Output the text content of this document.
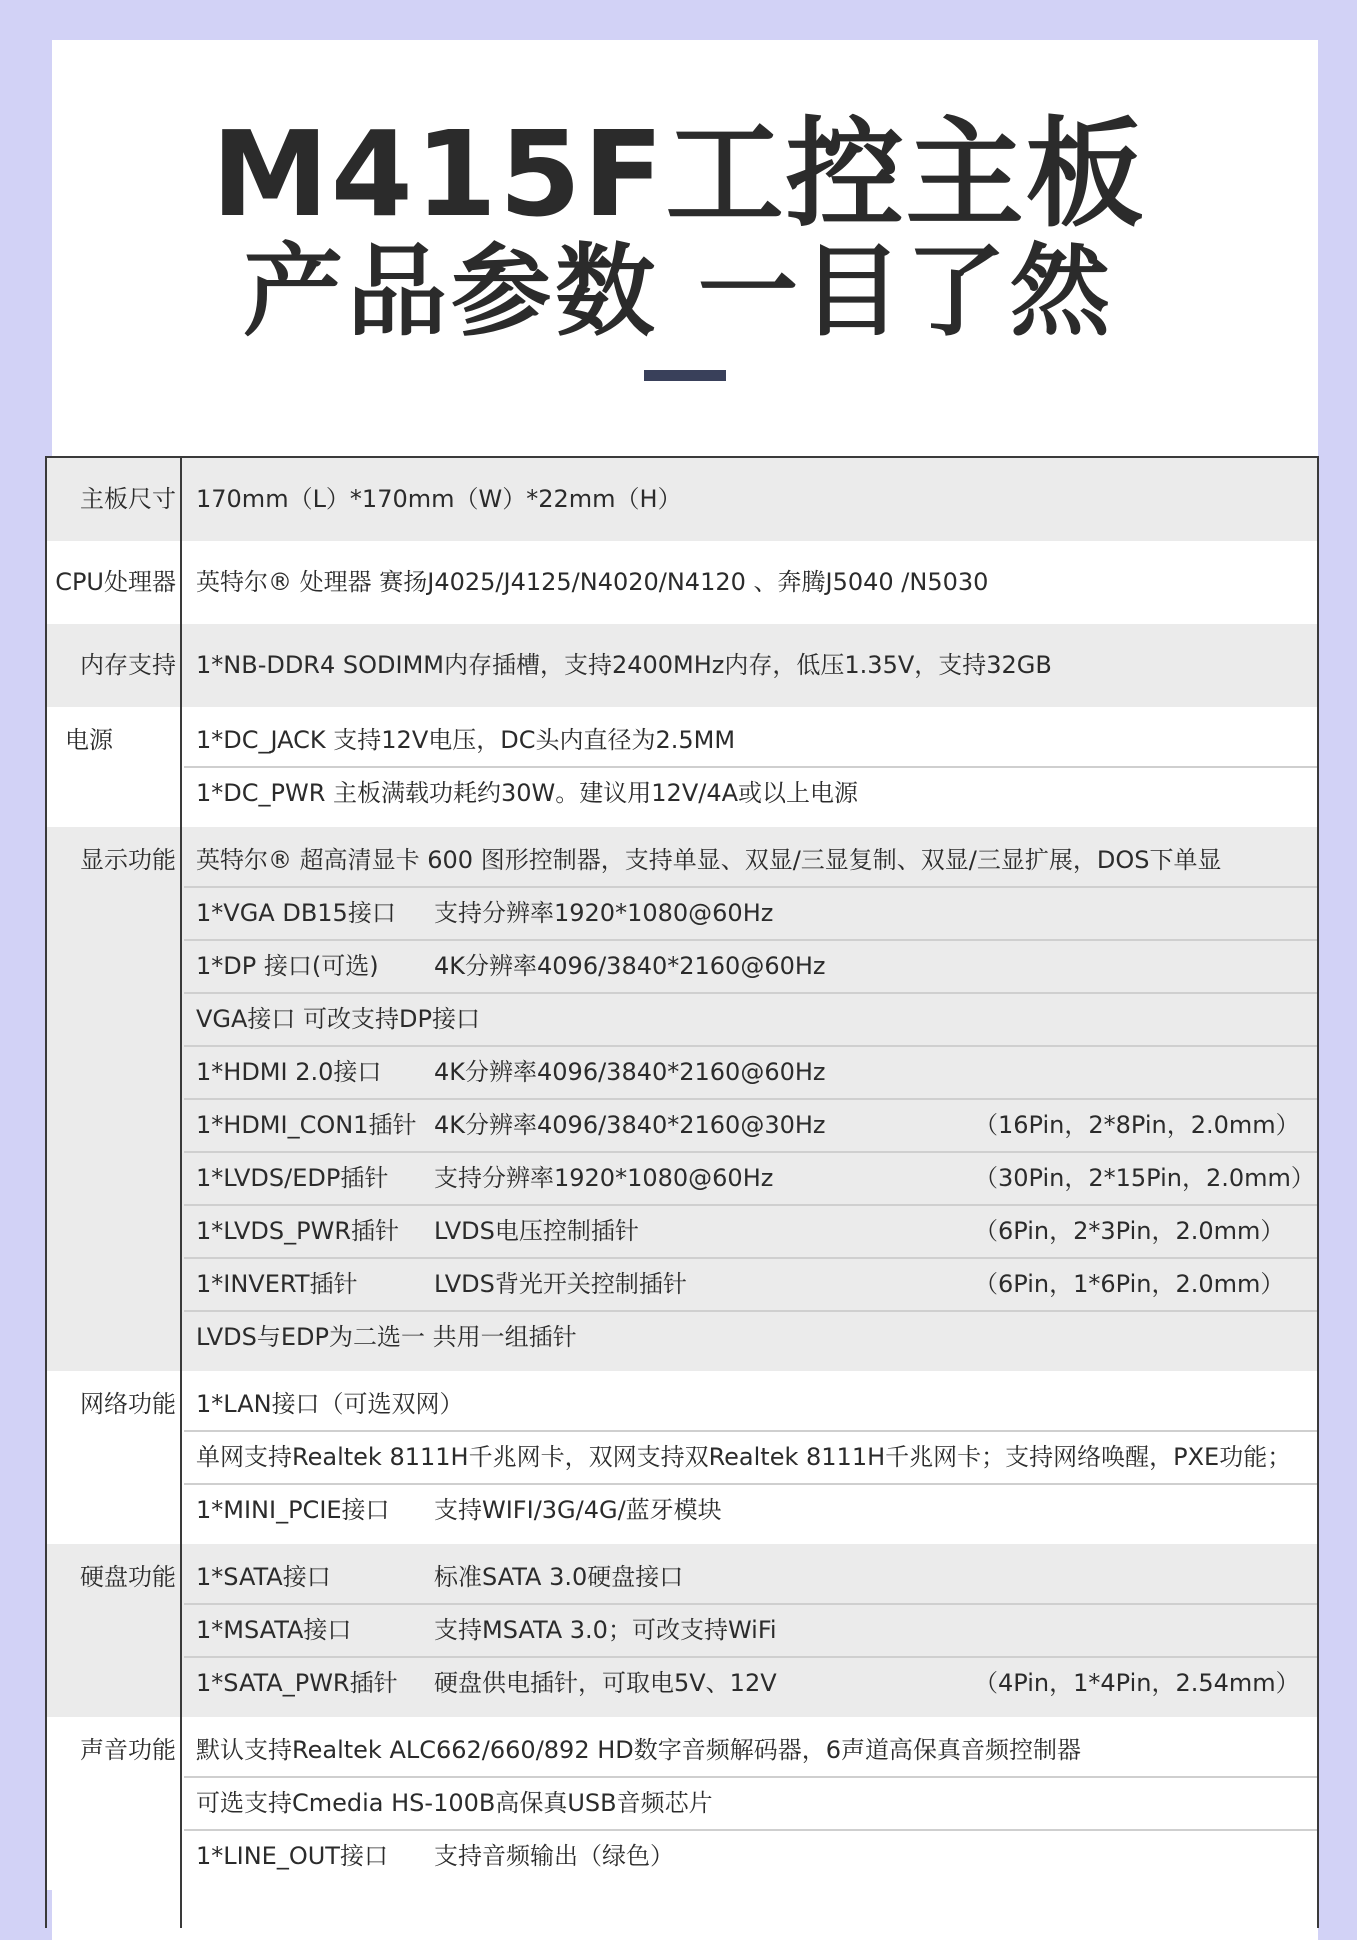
M415F工控主板
产品参数 一目了然
主板尺寸 170mm（L）*170mm（W）*22mm（H）
CPU处理器 英特尔® 处理器 赛扬J4025/J4125/N4020/N4120 、奔腾J5040 /N5030
内存支持 1*NB-DDR4 SODIMM内存插槽，支持2400MHz内存，低压1.35V，支持32GB
电源	1*DC_JACK 支持12V电压，DC头内直径为2.5MM
1*DC_PWR 主板满载功耗约30W。建议用12V/4A或以上电源
显示功能 英特尔® 超高清显卡 600 图形控制器，支持单显、双显/三显复制、双显/三显扩展，DOS下单显
1*VGA DB15接口 支持分辨率1920*1080@60Hz
1*DP 接口(可选) 4K分辨率4096/3840*2160@60Hz
VGA接口 可改支持DP接口
1*HDMI 2.0接口 4K分辨率4096/3840*2160@60Hz
1*HDMI_CON1插针 4K分辨率4096/3840*2160@30Hz	（16Pin，2*8Pin，2.0mm）
1*LVDS/EDP插针 支持分辨率1920*1080@60Hz	（30Pin，2*15Pin，2.0mm）
1*LVDS_PWR插针 LVDS电压控制插针	（6Pin，2*3Pin，2.0mm）
1*INVERT插针	LVDS背光开关控制插针	（6Pin，1*6Pin，2.0mm）
LVDS与EDP为二选一 共用一组插针
网络功能 1*LAN接口（可选双网）
单网支持Realtek 8111H千兆网卡，双网支持双Realtek 8111H千兆网卡；支持网络唤醒，PXE功能；
1*MINI_PCIE接口 支持WIFI/3G/4G/蓝牙模块
硬盘功能 1*SATA接口	标准SATA 3.0硬盘接口
1*MSATA接口	支持MSATA 3.0；可改支持WiFi
1*SATA_PWR插针 硬盘供电插针，可取电5V、12V	（4Pin，1*4Pin，2.54mm）
声音功能 默认支持Realtek ALC662/660/892 HD数字音频解码器，6声道高保真音频控制器
可选支持Cmedia HS-100B高保真USB音频芯片
1*LINE_OUT接口 支持音频输出（绿色）
